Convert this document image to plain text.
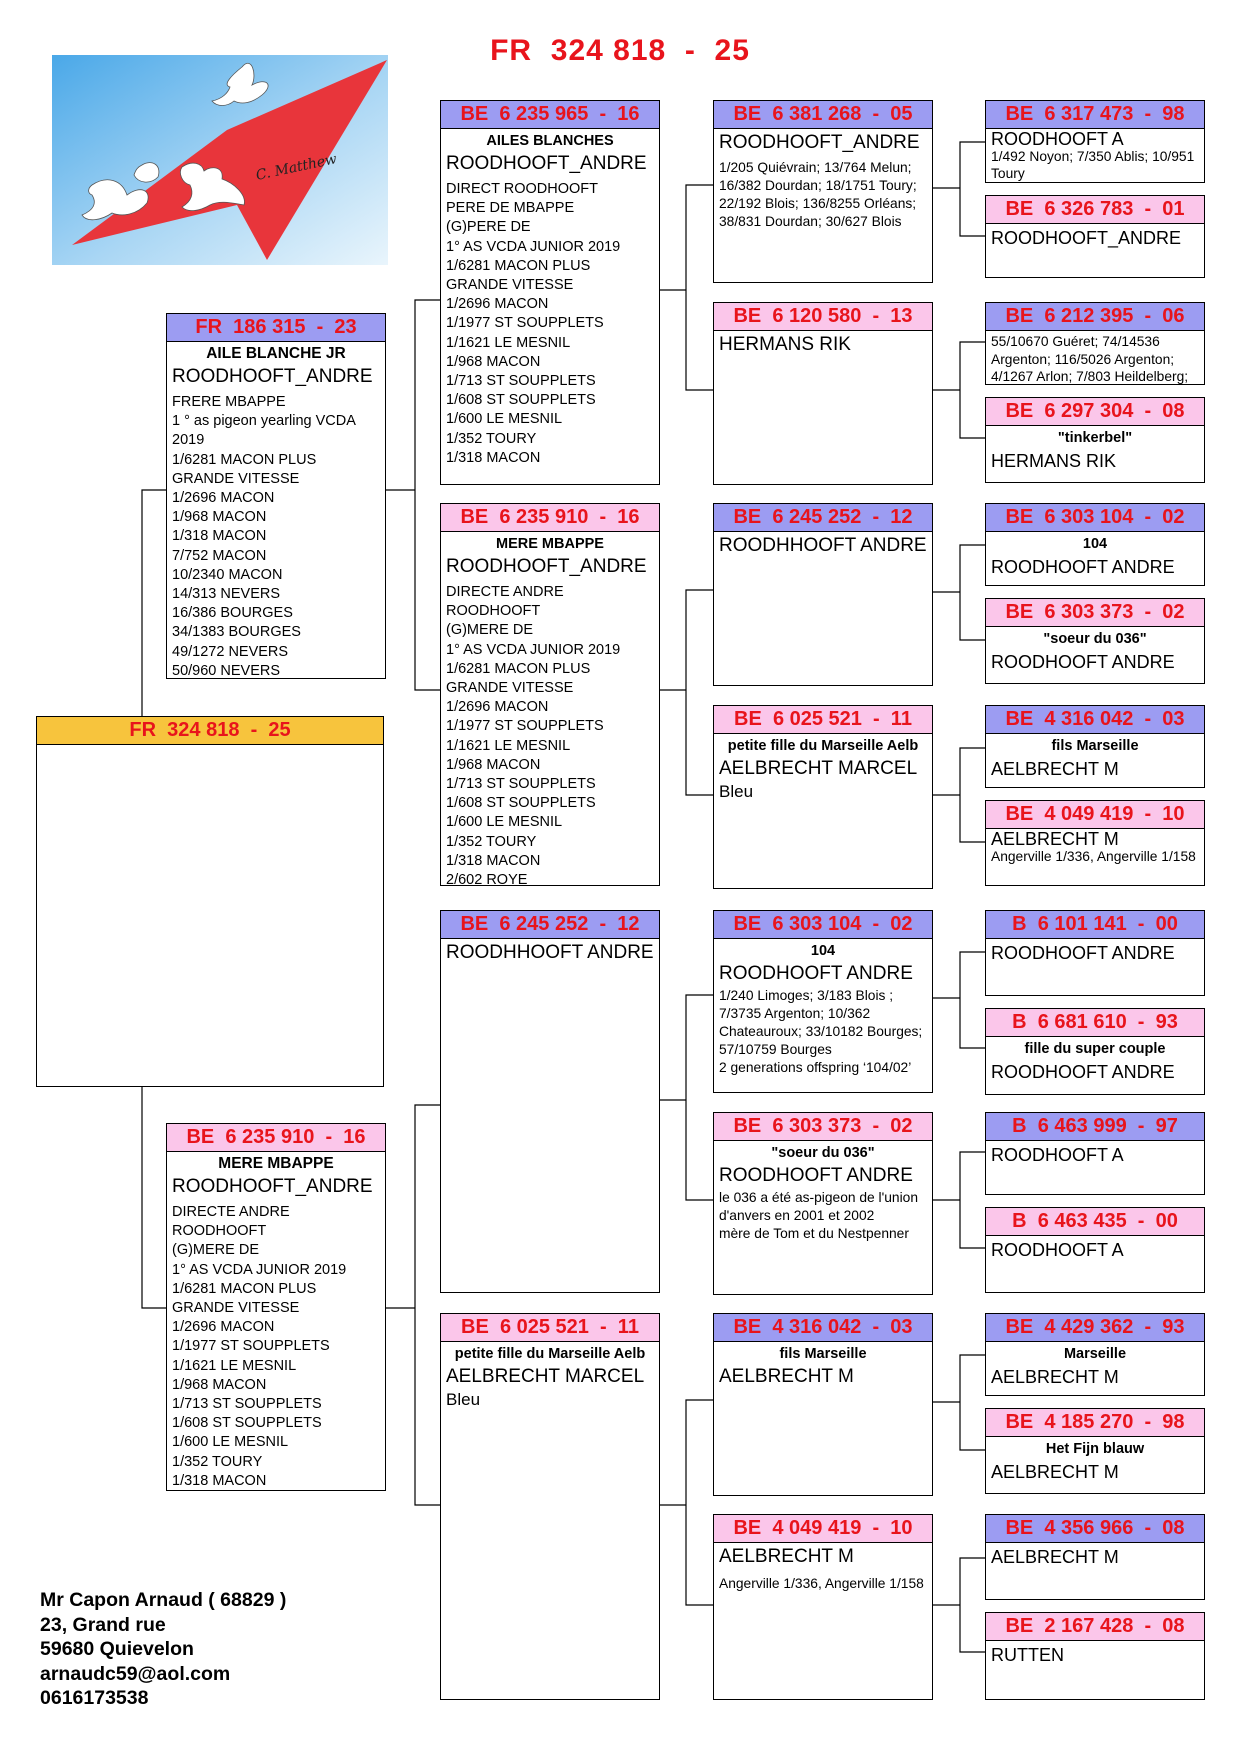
FR  324 818  -  25
C. Matthew
FR  324 818  -  25
FR  186 315  -  23
AILE BLANCHE JR
ROODHOOFT_ANDRE
FRERE MBAPPE
1 ° as pigeon yearling VCDA 2019
1/6281 MACON PLUS GRANDE VITESSE
1/2696 MACON
1/968 MACON
1/318 MACON
7/752 MACON
10/2340 MACON
14/313 NEVERS
16/386 BOURGES
34/1383 BOURGES
49/1272 NEVERS
50/960 NEVERS
BE  6 235 910  -  16
MERE MBAPPE
ROODHOOFT_ANDRE
DIRECTE ANDRE ROODHOOFT
(G)MERE DE
1° AS VCDA JUNIOR 2019
1/6281 MACON PLUS GRANDE VITESSE
1/2696 MACON
1/1977 ST SOUPPLETS
1/1621 LE MESNIL
1/968 MACON
1/713 ST SOUPPLETS
1/608 ST SOUPPLETS
1/600 LE MESNIL
1/352 TOURY
1/318 MACON
BE  6 235 965  -  16
AILES BLANCHES
ROODHOOFT_ANDRE
DIRECT ROODHOOFT
PERE DE MBAPPE
(G)PERE DE
1° AS VCDA JUNIOR 2019
1/6281 MACON PLUS GRANDE VITESSE
1/2696 MACON
1/1977 ST SOUPPLETS
1/1621 LE MESNIL
1/968 MACON
1/713 ST SOUPPLETS
1/608 ST SOUPPLETS
1/600 LE MESNIL
1/352 TOURY
1/318 MACON
BE  6 235 910  -  16
MERE MBAPPE
ROODHOOFT_ANDRE
DIRECTE ANDRE ROODHOOFT
(G)MERE DE
1° AS VCDA JUNIOR 2019
1/6281 MACON PLUS GRANDE VITESSE
1/2696 MACON
1/1977 ST SOUPPLETS
1/1621 LE MESNIL
1/968 MACON
1/713 ST SOUPPLETS
1/608 ST SOUPPLETS
1/600 LE MESNIL
1/352 TOURY
1/318 MACON
2/602 ROYE
BE  6 245 252  -  12
ROODHHOOFT ANDRE
BE  6 025 521  -  11
petite fille du Marseille Aelb
AELBRECHT MARCEL
Bleu
BE  6 381 268  -  05
ROODHOOFT_ANDRE
1/205 Quiévrain; 13/764 Melun; 16/382 Dourdan; 18/1751 Toury; 22/192 Blois; 136/8255 Orléans; 38/831 Dourdan; 30/627 Blois
BE  6 120 580  -  13
HERMANS RIK
BE  6 245 252  -  12
ROODHHOOFT ANDRE
BE  6 025 521  -  11
petite fille du Marseille Aelb
AELBRECHT MARCEL
Bleu
BE  6 303 104  -  02
104
ROODHOOFT ANDRE
1/240 Limoges; 3/183 Blois ; 7/3735 Argenton; 10/362 Chateauroux; 33/10182 Bourges; 57/10759 Bourges
2 generations offspring ‘104/02’
BE  6 303 373  -  02
"soeur du 036"
ROODHOOFT ANDRE
le 036 a été as-pigeon de l'union d'anvers en 2001 et 2002
mère de Tom et du Nestpenner
BE  4 316 042  -  03
fils Marseille
AELBRECHT M
BE  4 049 419  -  10
AELBRECHT M
Angerville 1/336, Angerville 1/158
BE  6 317 473  -  98
ROODHOOFT A
1/492 Noyon; 7/350 Ablis; 10/951 Toury
BE  6 326 783  -  01
ROODHOOFT_ANDRE
BE  6 212 395  -  06
55/10670 Guéret; 74/14536 Argenton; 116/5026 Argenton; 4/1267 Arlon; 7/803 Heildelberg;
BE  6 297 304  -  08
"tinkerbel"
HERMANS RIK
BE  6 303 104  -  02
104
ROODHOOFT ANDRE
BE  6 303 373  -  02
"soeur du 036"
ROODHOOFT ANDRE
BE  4 316 042  -  03
fils Marseille
AELBRECHT M
BE  4 049 419  -  10
AELBRECHT M
Angerville 1/336, Angerville 1/158
B  6 101 141  -  00
ROODHOOFT ANDRE
B  6 681 610  -  93
fille du super couple
ROODHOOFT ANDRE
B  6 463 999  -  97
ROODHOOFT A
B  6 463 435  -  00
ROODHOOFT A
BE  4 429 362  -  93
Marseille
AELBRECHT M
BE  4 185 270  -  98
Het Fijn blauw
AELBRECHT M
BE  4 356 966  -  08
AELBRECHT M
BE  2 167 428  -  08
RUTTEN
Mr Capon Arnaud ( 68829 )
23, Grand rue
59680 Quievelon
arnaudc59@aol.com
0616173538
